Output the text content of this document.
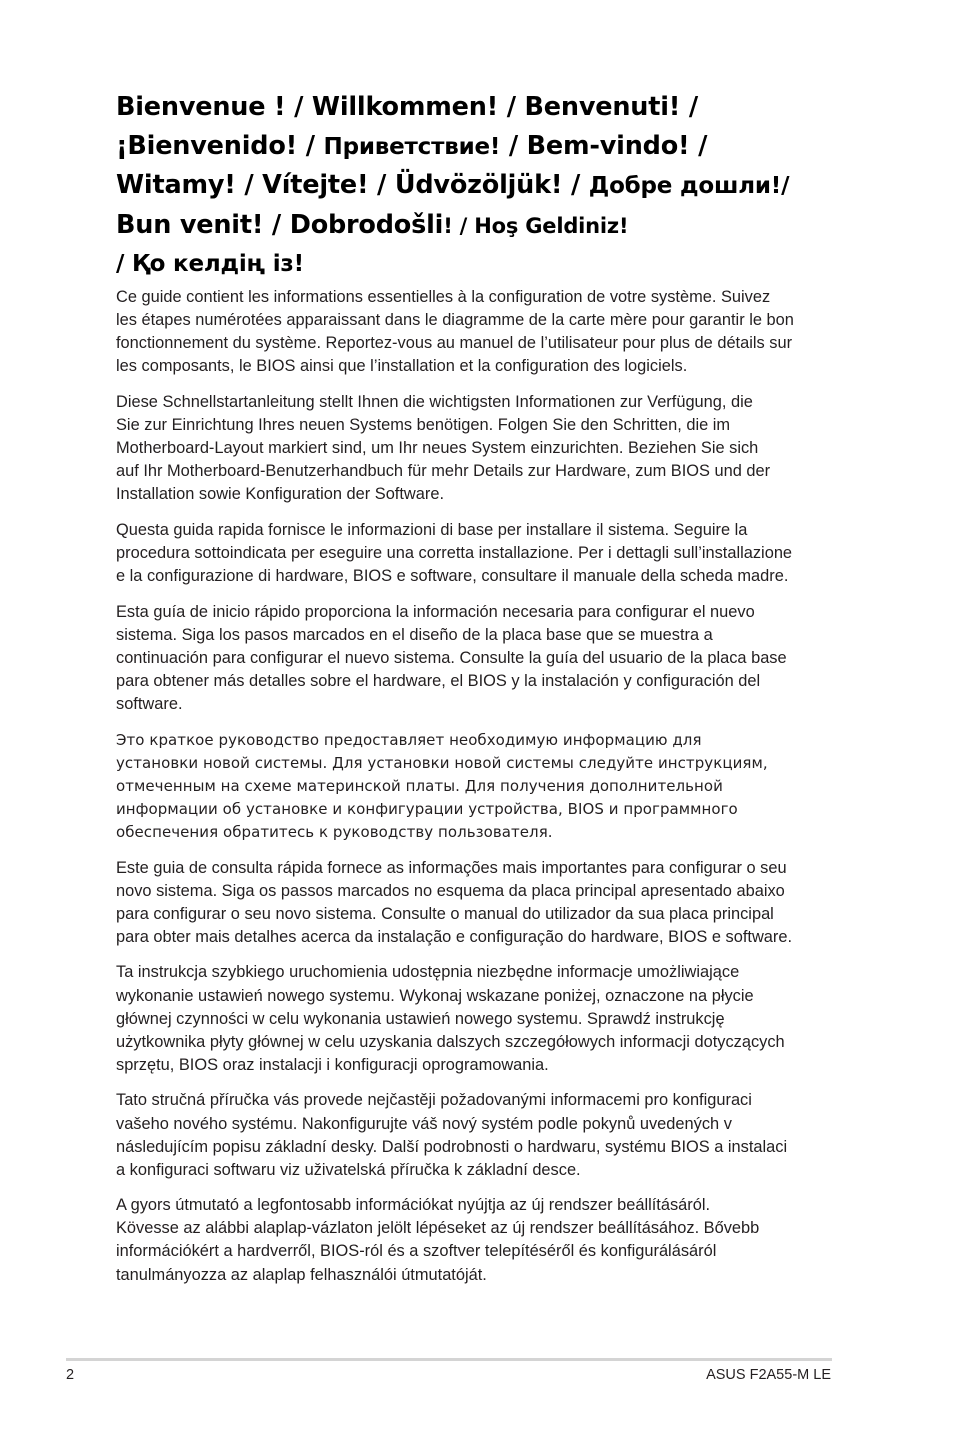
Bienvenue ! / Willkommen! / Benvenuti! /
¡Bienvenido! / Приветствие! / Bem-vindo! /
Witamy! / Vítejte! / Üdvözöljük! / Добре дошли!/
Bun venit! / Dobrodošli! / Hoş Geldiniz!
/ Қо келдің із!

Ce guide contient les informations essentielles à la configuration de votre système. Suivez
les étapes numérotées apparaissant dans le diagramme de la carte mère pour garantir le bon
fonctionnement du système. Reportez-vous au manuel de l’utilisateur pour plus de détails sur
les composants, le BIOS ainsi que l’installation et la configuration des logiciels.

Diese Schnellstartanleitung stellt Ihnen die wichtigsten Informationen zur Verfügung, die
Sie zur Einrichtung Ihres neuen Systems benötigen. Folgen Sie den Schritten, die im
Motherboard-Layout markiert sind, um Ihr neues System einzurichten. Beziehen Sie sich
auf Ihr Motherboard-Benutzerhandbuch für mehr Details zur Hardware, zum BIOS und der
Installation sowie Konfiguration der Software.

Questa guida rapida fornisce le informazioni di base per installare il sistema. Seguire la
procedura sottoindicata per eseguire una corretta installazione. Per i dettagli sull’installazione
e la configurazione di hardware, BIOS e software, consultare il manuale della scheda madre.

Esta guía de inicio rápido proporciona la información necesaria para configurar el nuevo
sistema. Siga los pasos marcados en el diseño de la placa base que se muestra a
continuación para configurar el nuevo sistema. Consulte la guía del usuario de la placa base
para obtener más detalles sobre el hardware, el BIOS y la instalación y configuración del
software.

Это краткое руководство предоставляет необходимую информацию для
установки новой системы. Для установки новой системы следуйте инструкциям,
отмеченным на схеме материнской платы. Для получения дополнительной
информации об установке и конфигурации устройства, BIOS и программного
обеспечения обратитесь к руководству пользователя.

Este guia de consulta rápida fornece as informações mais importantes para configurar o seu
novo sistema. Siga os passos marcados no esquema da placa principal apresentado abaixo
para configurar o seu novo sistema. Consulte o manual do utilizador da sua placa principal
para obter mais detalhes acerca da instalação e configuração do hardware, BIOS e software.

Ta instrukcja szybkiego uruchomienia udostępnia niezbędne informacje umożliwiające
wykonanie ustawień nowego systemu. Wykonaj wskazane poniżej, oznaczone na płycie
głównej czynności w celu wykonania ustawień nowego systemu. Sprawdź instrukcję
użytkownika płyty głównej w celu uzyskania dalszych szczegółowych informacji dotyczących
sprzętu, BIOS oraz instalacji i konfiguracji oprogramowania.

Tato stručná příručka vás provede nejčastěji požadovanými informacemi pro konfiguraci
vašeho nového systému. Nakonfigurujte váš nový systém podle pokynů uvedených v
následujícím popisu základní desky. Další podrobnosti o hardwaru, systému BIOS a instalaci
a konfiguraci softwaru viz uživatelská příručka k základní desce.

A gyors útmutató a legfontosabb információkat nyújtja az új rendszer beállításáról.
Kövesse az alábbi alaplap-vázlaton jelölt lépéseket az új rendszer beállításához. Bővebb
információkért a hardverről, BIOS-ról és a szoftver telepítéséről és konfigurálásáról
tanulmányozza az alaplap felhasználói útmutatóját.

2	ASUS F2A55-M LE
